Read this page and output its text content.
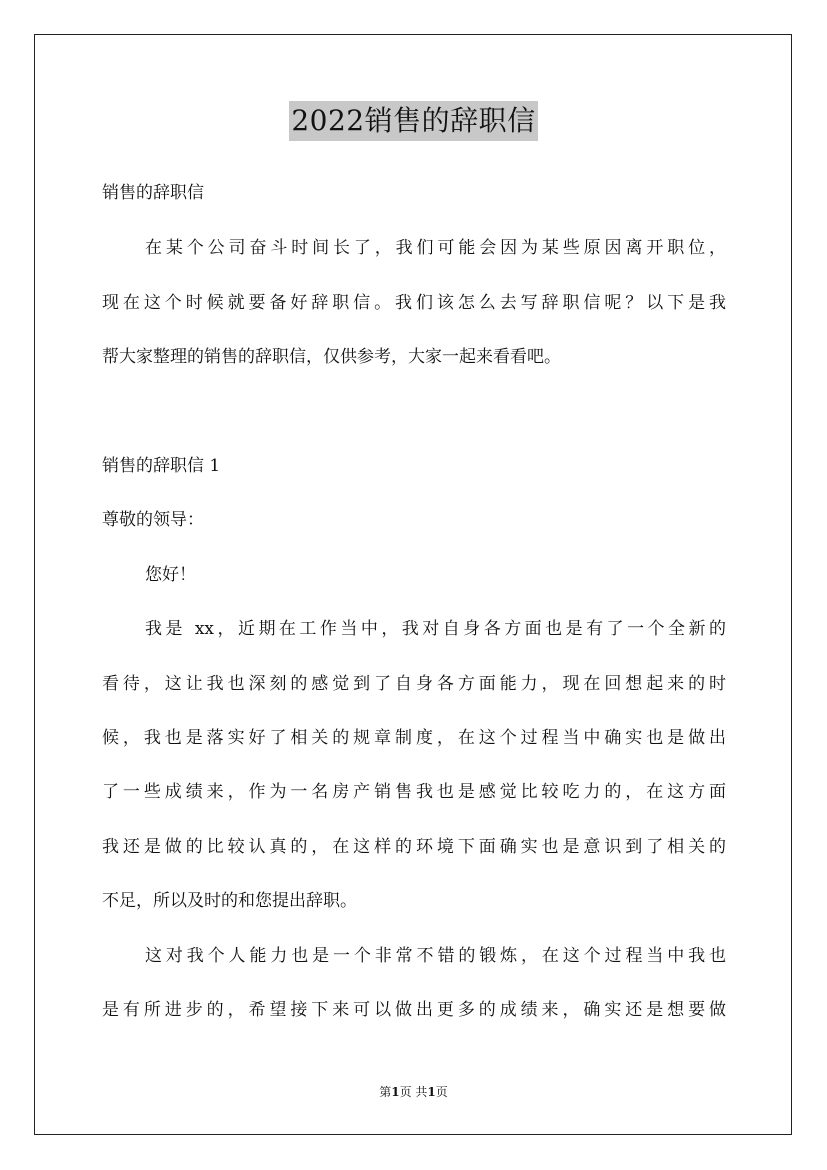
2022销售的辞职信
销售的辞职信
在某个公司奋斗时间长了，我们可能会因为某些原因离开职位，
现在这个时候就要备好辞职信。我们该怎么去写辞职信呢？以下是我
帮大家整理的销售的辞职信，仅供参考，大家一起来看看吧。
销售的辞职信 1
尊敬的领导：
您好！
我是 xx，近期在工作当中，我对自身各方面也是有了一个全新的
看待，这让我也深刻的感觉到了自身各方面能力，现在回想起来的时
候，我也是落实好了相关的规章制度，在这个过程当中确实也是做出
了一些成绩来，作为一名房产销售我也是感觉比较吃力的，在这方面
我还是做的比较认真的，在这样的环境下面确实也是意识到了相关的
不足，所以及时的和您提出辞职。
这对我个人能力也是一个非常不错的锻炼，在这个过程当中我也
是有所进步的，希望接下来可以做出更多的成绩来，确实还是想要做
第1页 共1页
